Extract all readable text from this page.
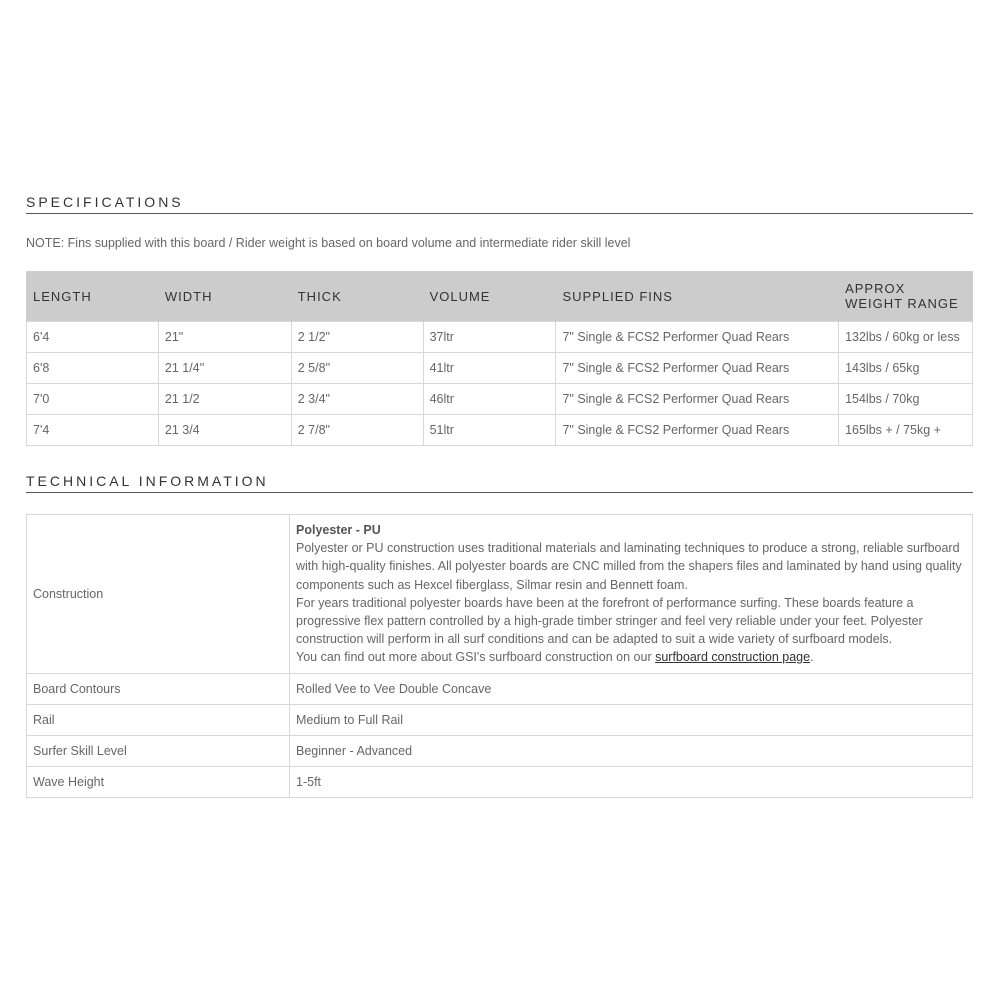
SPECIFICATIONS
NOTE: Fins supplied with this board / Rider weight is based on board volume and intermediate rider skill level
LENGTH	WIDTH	THICK	VOLUME	SUPPLIED FINS	APPROX WEIGHT RANGE
6'4	21"	2 1/2"	37ltr	7" Single & FCS2 Performer Quad Rears	132lbs / 60kg or less
6'8	21 1/4''	2 5/8''	41ltr	7" Single & FCS2 Performer Quad Rears	143lbs / 65kg
7'0	21 1/2	2 3/4"	46ltr	7" Single & FCS2 Performer Quad Rears	154lbs / 70kg
7'4	21 3/4	2 7/8"	51ltr	7" Single & FCS2 Performer Quad Rears	165lbs + / 75kg +
TECHNICAL INFORMATION
Construction	Polyester - PU
Polyester or PU construction uses traditional materials and laminating techniques to produce a strong, reliable surfboard with high-quality finishes. All polyester boards are CNC milled from the shapers files and laminated by hand using quality components such as Hexcel fiberglass, Silmar resin and Bennett foam.
For years traditional polyester boards have been at the forefront of performance surfing. These boards feature a progressive flex pattern controlled by a high-grade timber stringer and feel very reliable under your feet. Polyester construction will perform in all surf conditions and can be adapted to suit a wide variety of surfboard models.
You can find out more about GSI's surfboard construction on our surfboard construction page.

Board Contours	Rolled Vee to Vee Double Concave
Rail	Medium to Full Rail
Surfer Skill Level	Beginner - Advanced
Wave Height	1-5ft
